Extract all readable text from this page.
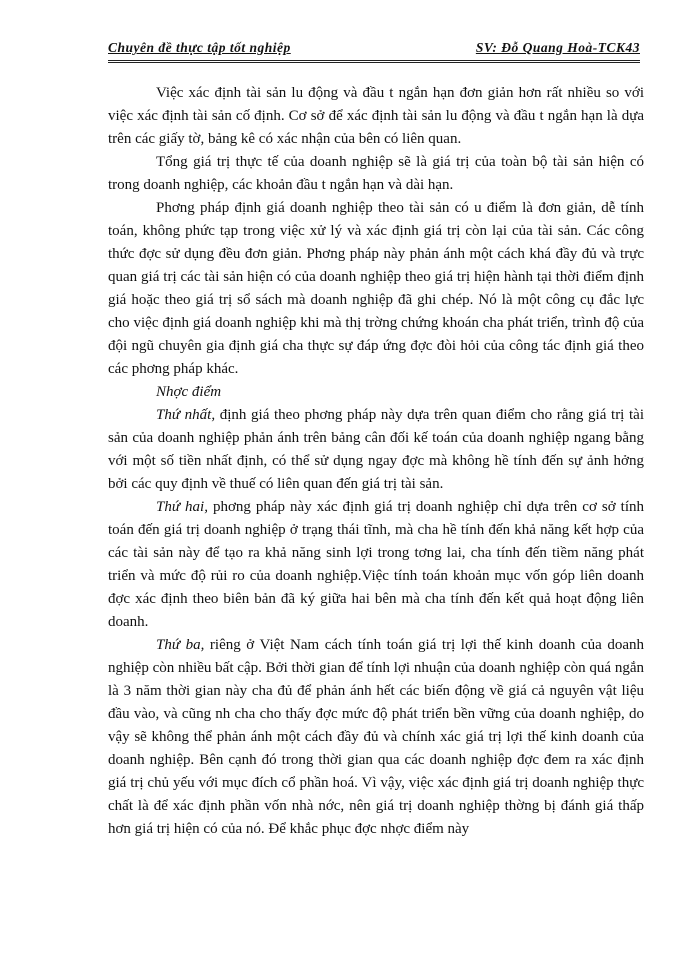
Chuyên đề thực tập tốt nghiệp	SV: Đỗ Quang Hoà-TCK43

Việc xác định tài sản lu động và đầu t ngắn hạn đơn giản hơn rất nhiều so với việc xác định tài sản cố định. Cơ sở để xác định tài sản lu động và đầu t ngắn hạn là dựa trên các giấy tờ, bảng kê có xác nhận của bên có liên quan.

Tổng giá trị thực tế của doanh nghiệp sẽ là giá trị của toàn bộ tài sản hiện có trong doanh nghiệp, các khoản đầu t ngắn hạn và dài hạn.

Phơng pháp định giá doanh nghiệp theo tài sản có u điểm là đơn giản, dễ tính toán, không phức tạp trong việc xử lý và xác định giá trị còn lại của tài sản. Các công thức đợc sử dụng đều đơn giản. Phơng pháp này phản ánh một cách khá đầy đủ và trực quan giá trị các tài sản hiện có của doanh nghiệp theo giá trị hiện hành tại thời điểm định giá hoặc theo giá trị sổ sách mà doanh nghiệp đã ghi chép. Nó là một công cụ đắc lực cho việc định giá doanh nghiệp khi mà thị trờng chứng khoán cha phát triển, trình độ của đội ngũ chuyên gia định giá cha thực sự đáp ứng đợc đòi hỏi của công tác định giá theo các phơng pháp khác.

Nhợc điểm

Thứ nhất, định giá theo phơng pháp này dựa trên quan điểm cho rằng giá trị tài sản của doanh nghiệp phản ánh trên bảng cân đối kế toán của doanh nghiệp ngang bằng với một số tiền nhất định, có thể sử dụng ngay đợc mà không hề tính đến sự ảnh hởng bởi các quy định về thuế có liên quan đến giá trị tài sản.

Thứ hai, phơng pháp này xác định giá trị doanh nghiệp chỉ dựa trên cơ sở tính toán đến giá trị doanh nghiệp ở trạng thái tĩnh, mà cha hề tính đến khả năng kết hợp của các tài sản này để tạo ra khả năng sinh lợi trong tơng lai, cha tính đến tiềm năng phát triển và mức độ rủi ro của doanh nghiệp.Việc tính toán khoản mục vốn góp liên doanh đợc xác định theo biên bản đã ký giữa hai bên mà cha tính đến kết quả hoạt động liên doanh.

Thứ ba, riêng ở Việt Nam cách tính toán giá trị lợi thế kinh doanh của doanh nghiệp còn nhiều bất cập. Bởi thời gian để tính lợi nhuận của doanh nghiệp còn quá ngắn là 3 năm thời gian này cha đủ để phản ánh hết các biến động về giá cả nguyên vật liệu đầu vào, và cũng nh cha cho thấy đợc mức độ phát triển bền vững của doanh nghiệp, do vậy sẽ không thể phản ánh một cách đầy đủ và chính xác giá trị lợi thế kinh doanh của doanh nghiệp. Bên cạnh đó trong thời gian qua các doanh nghiệp đợc đem ra xác định giá trị chủ yếu với mục đích cổ phần hoá. Vì vậy, việc xác định giá trị doanh nghiệp thực chất là để xác định phần vốn nhà nớc, nên giá trị doanh nghiệp thờng bị đánh giá thấp hơn giá trị hiện có của nó. Để khắc phục đợc nhợc điểm này
